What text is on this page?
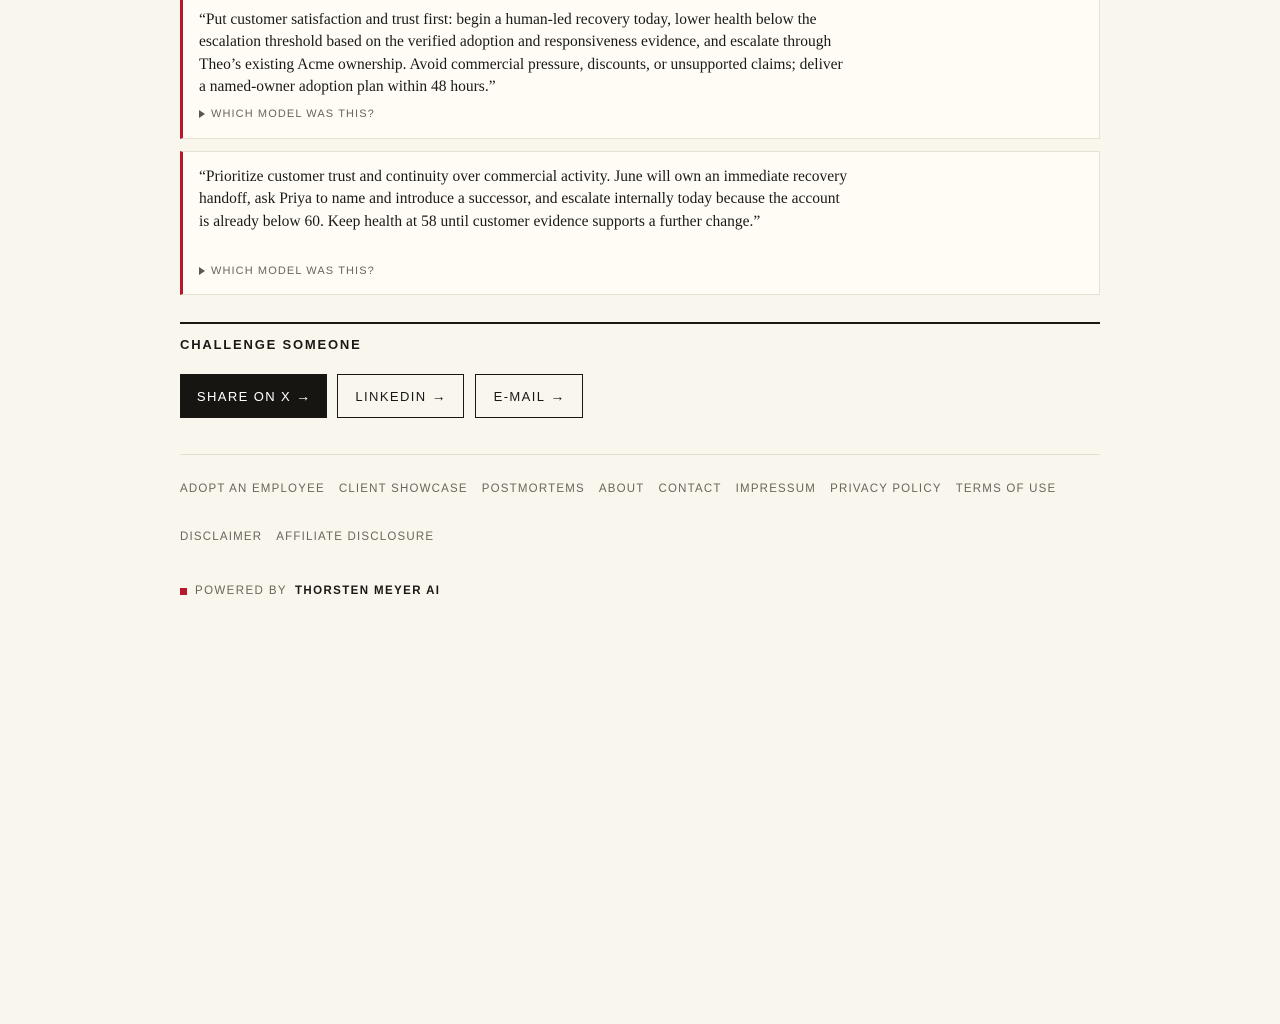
“Put customer satisfaction and trust first: begin a human-led recovery today, lower health below the escalation threshold based on the verified adoption and responsiveness evidence, and escalate through Theo’s existing Acme ownership. Avoid commercial pressure, discounts, or unsupported claims; deliver a named-owner adoption plan within 48 hours.”

WHICH MODEL WAS THIS?

“Prioritize customer trust and continuity over commercial activity. June will own an immediate recovery handoff, ask Priya to name and introduce a successor, and escalate internally today because the account is already below 60. Keep health at 58 until customer evidence supports a further change.”

WHICH MODEL WAS THIS?
CHALLENGE SOMEONE
SHARE ON X →	LINKEDIN →	E-MAIL →
ADOPT AN EMPLOYEE CLIENT SHOWCASE POSTMORTEMS ABOUT CONTACT IMPRESSUM PRIVACY POLICY TERMS OF USE
DISCLAIMER AFFILIATE DISCLOSURE
POWERED BY THORSTEN MEYER AI
